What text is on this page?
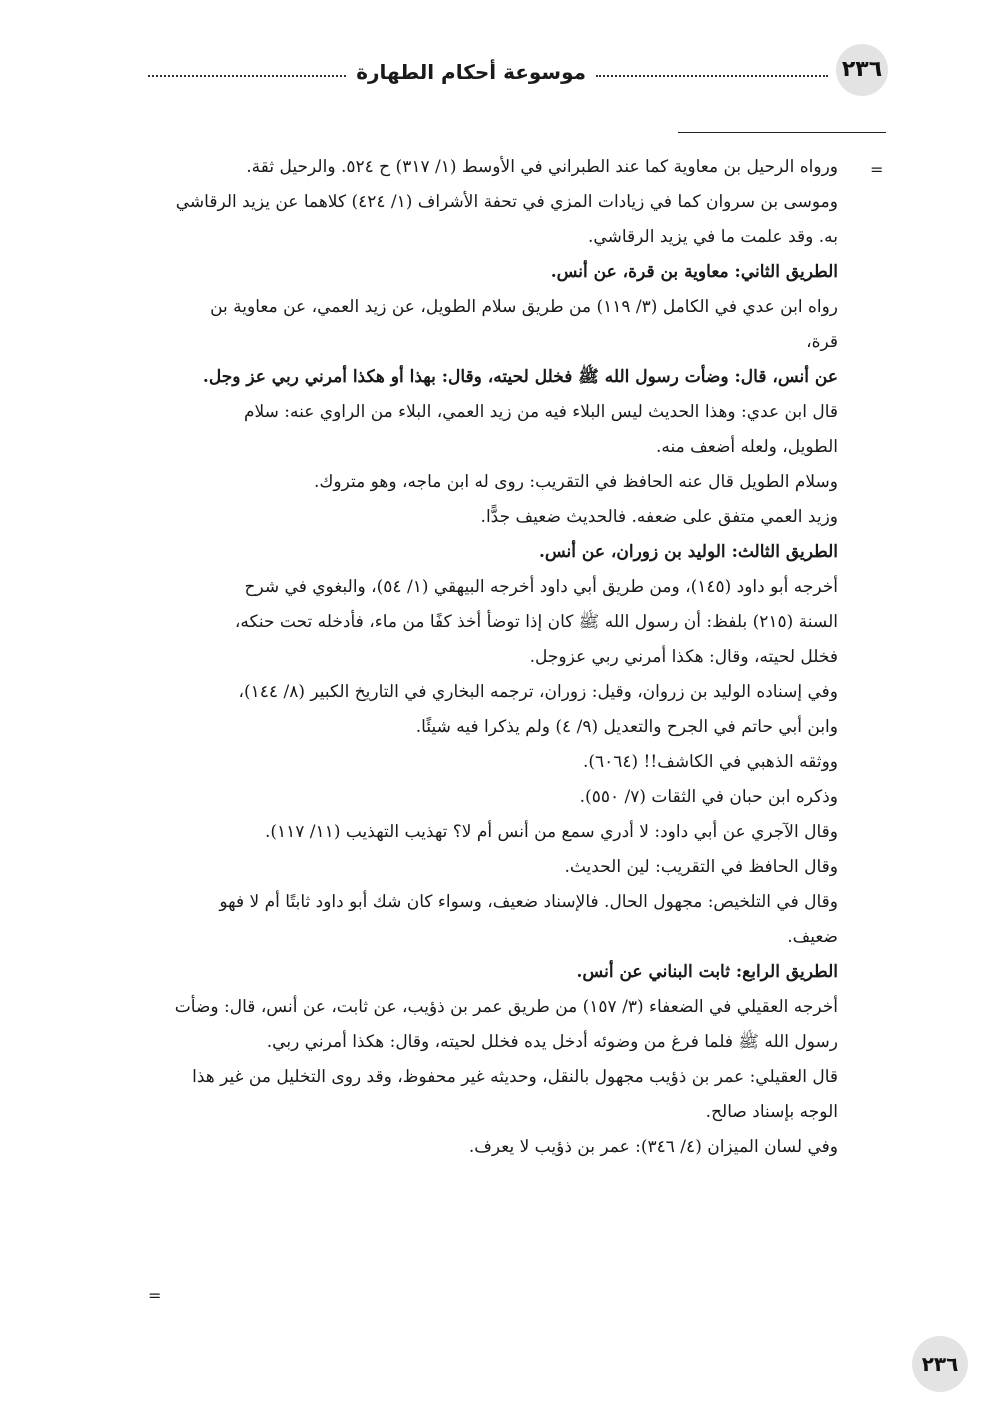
٢٣٦
موسوعة أحكام الطهارة
=
ورواه الرحيل بن معاوية كما عند الطبراني في الأوسط (١/ ٣١٧) ح ٥٢٤. والرحيل ثقة.
وموسى بن سروان كما في زيادات المزي في تحفة الأشراف (١/ ٤٢٤) كلاهما عن يزيد الرقاشي
به. وقد علمت ما في يزيد الرقاشي.
الطريق الثاني: معاوية بن قرة، عن أنس.
رواه ابن عدي في الكامل (٣/ ١١٩) من طريق سلام الطويل، عن زيد العمي، عن معاوية بن
قرة،
عن أنس، قال: وضأت رسول الله ﷺ فخلل لحيته، وقال: بهذا أو هكذا أمرني ربي عز وجل.
قال ابن عدي: وهذا الحديث ليس البلاء فيه من زيد العمي، البلاء من الراوي عنه: سلام
الطويل، ولعله أضعف منه.
وسلام الطويل قال عنه الحافظ في التقريب: روى له ابن ماجه، وهو متروك.
وزيد العمي متفق على ضعفه. فالحديث ضعيف جدًّا.
الطريق الثالث: الوليد بن زوران، عن أنس.
أخرجه أبو داود (١٤٥)، ومن طريق أبي داود أخرجه البيهقي (١/ ٥٤)، والبغوي في شرح
السنة (٢١٥) بلفظ: أن رسول الله ﷺ كان إذا توضأ أخذ كفًا من ماء، فأدخله تحت حنكه،
فخلل لحيته، وقال: هكذا أمرني ربي عزوجل.
وفي إسناده الوليد بن زروان، وقيل: زوران، ترجمه البخاري في التاريخ الكبير (٨/ ١٤٤)،
وابن أبي حاتم في الجرح والتعديل (٩/ ٤) ولم يذكرا فيه شيئًا.
ووثقه الذهبي في الكاشف!! (٦٠٦٤).
وذكره ابن حبان في الثقات (٧/ ٥٥٠).
وقال الآجري عن أبي داود: لا أدري سمع من أنس أم لا؟ تهذيب التهذيب (١١/ ١١٧).
وقال الحافظ في التقريب: لين الحديث.
وقال في التلخيص: مجهول الحال. فالإسناد ضعيف، وسواء كان شك أبو داود ثابتًا أم لا فهو
ضعيف.
الطريق الرابع: ثابت البناني عن أنس.
أخرجه العقيلي في الضعفاء (٣/ ١٥٧) من طريق عمر بن ذؤيب، عن ثابت، عن أنس، قال: وضأت
رسول الله ﷺ فلما فرغ من وضوئه أدخل يده فخلل لحيته، وقال: هكذا أمرني ربي.
قال العقيلي: عمر بن ذؤيب مجهول بالنقل، وحديثه غير محفوظ، وقد روى التخليل من غير هذا
الوجه بإسناد صالح.
وفي لسان الميزان (٤/ ٣٤٦): عمر بن ذؤيب لا يعرف.
=
٢٣٦
